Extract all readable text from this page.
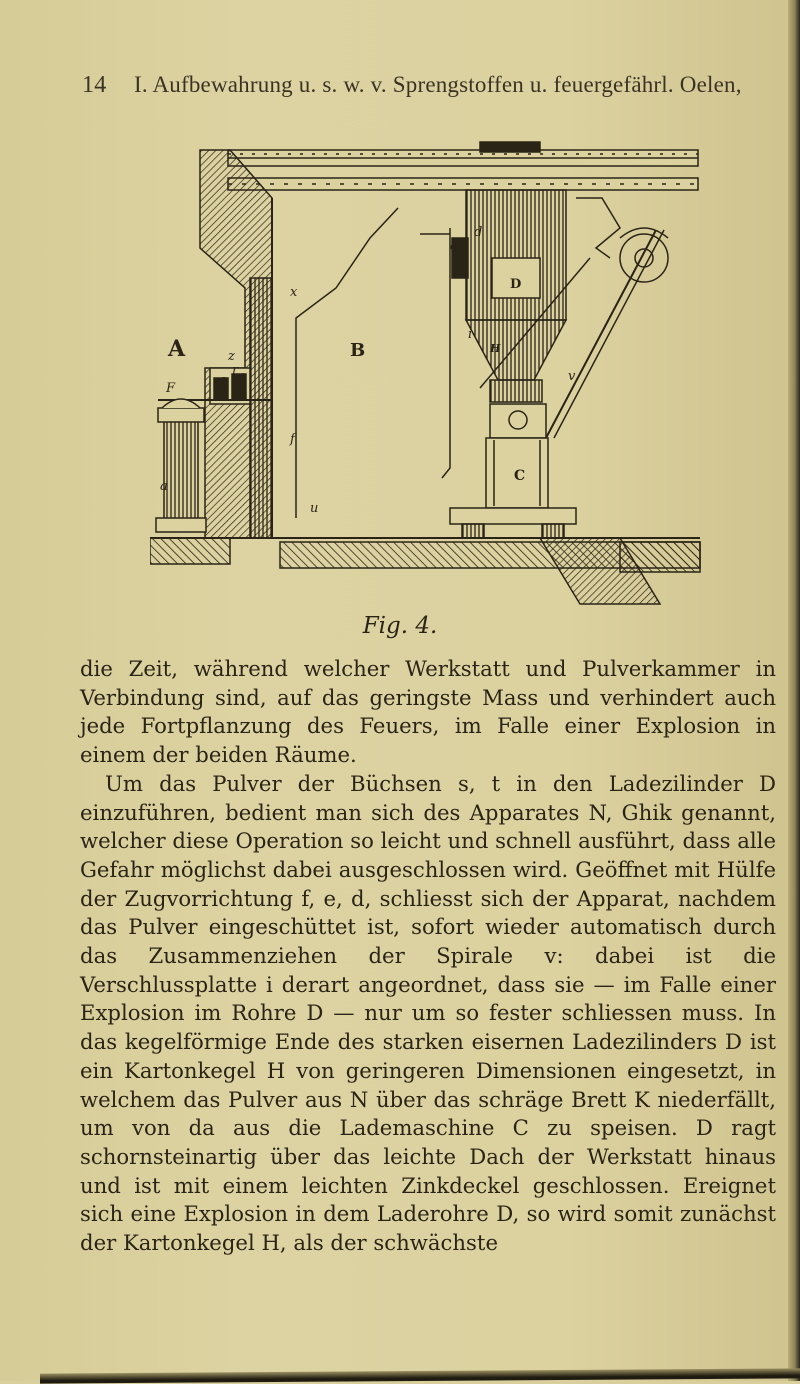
14 I. Aufbewahrung u. s. w. v. Sprengstoffen u. feuergefährl. Oelen,
A	B
D
C
H
f
d
e
x
r
a
z
s t
i
v
u
F
Fig. 4.

die Zeit, während welcher Werkstatt und Pulverkammer in Verbindung sind, auf das geringste Mass und verhindert auch jede Fortpflanzung des Feuers, im Falle einer Explosion in einem der beiden Räume.

Um das Pulver der Büchsen s, t in den Ladezilinder D einzuführen, bedient man sich des Apparates N, Ghik genannt, welcher diese Operation so leicht und schnell ausführt, dass alle Gefahr möglichst dabei ausgeschlossen wird. Geöffnet mit Hülfe der Zugvorrichtung f, e, d, schliesst sich der Apparat, nachdem das Pulver eingeschüttet ist, sofort wieder automatisch durch das Zusammenziehen der Spirale v: dabei ist die Verschlussplatte i derart angeordnet, dass sie — im Falle einer Explosion im Rohre D — nur um so fester schliessen muss. In das kegelförmige Ende des starken eisernen Ladezilinders D ist ein Kartonkegel H von geringeren Dimensionen eingesetzt, in welchem das Pulver aus N über das schräge Brett K niederfällt, um von da aus die Lademaschine C zu speisen. D ragt schornsteinartig über das leichte Dach der Werkstatt hinaus und ist mit einem leichten Zinkdeckel geschlossen. Ereignet sich eine Explosion in dem Laderohre D, so wird somit zunächst der Kartonkegel H, als der schwächste
